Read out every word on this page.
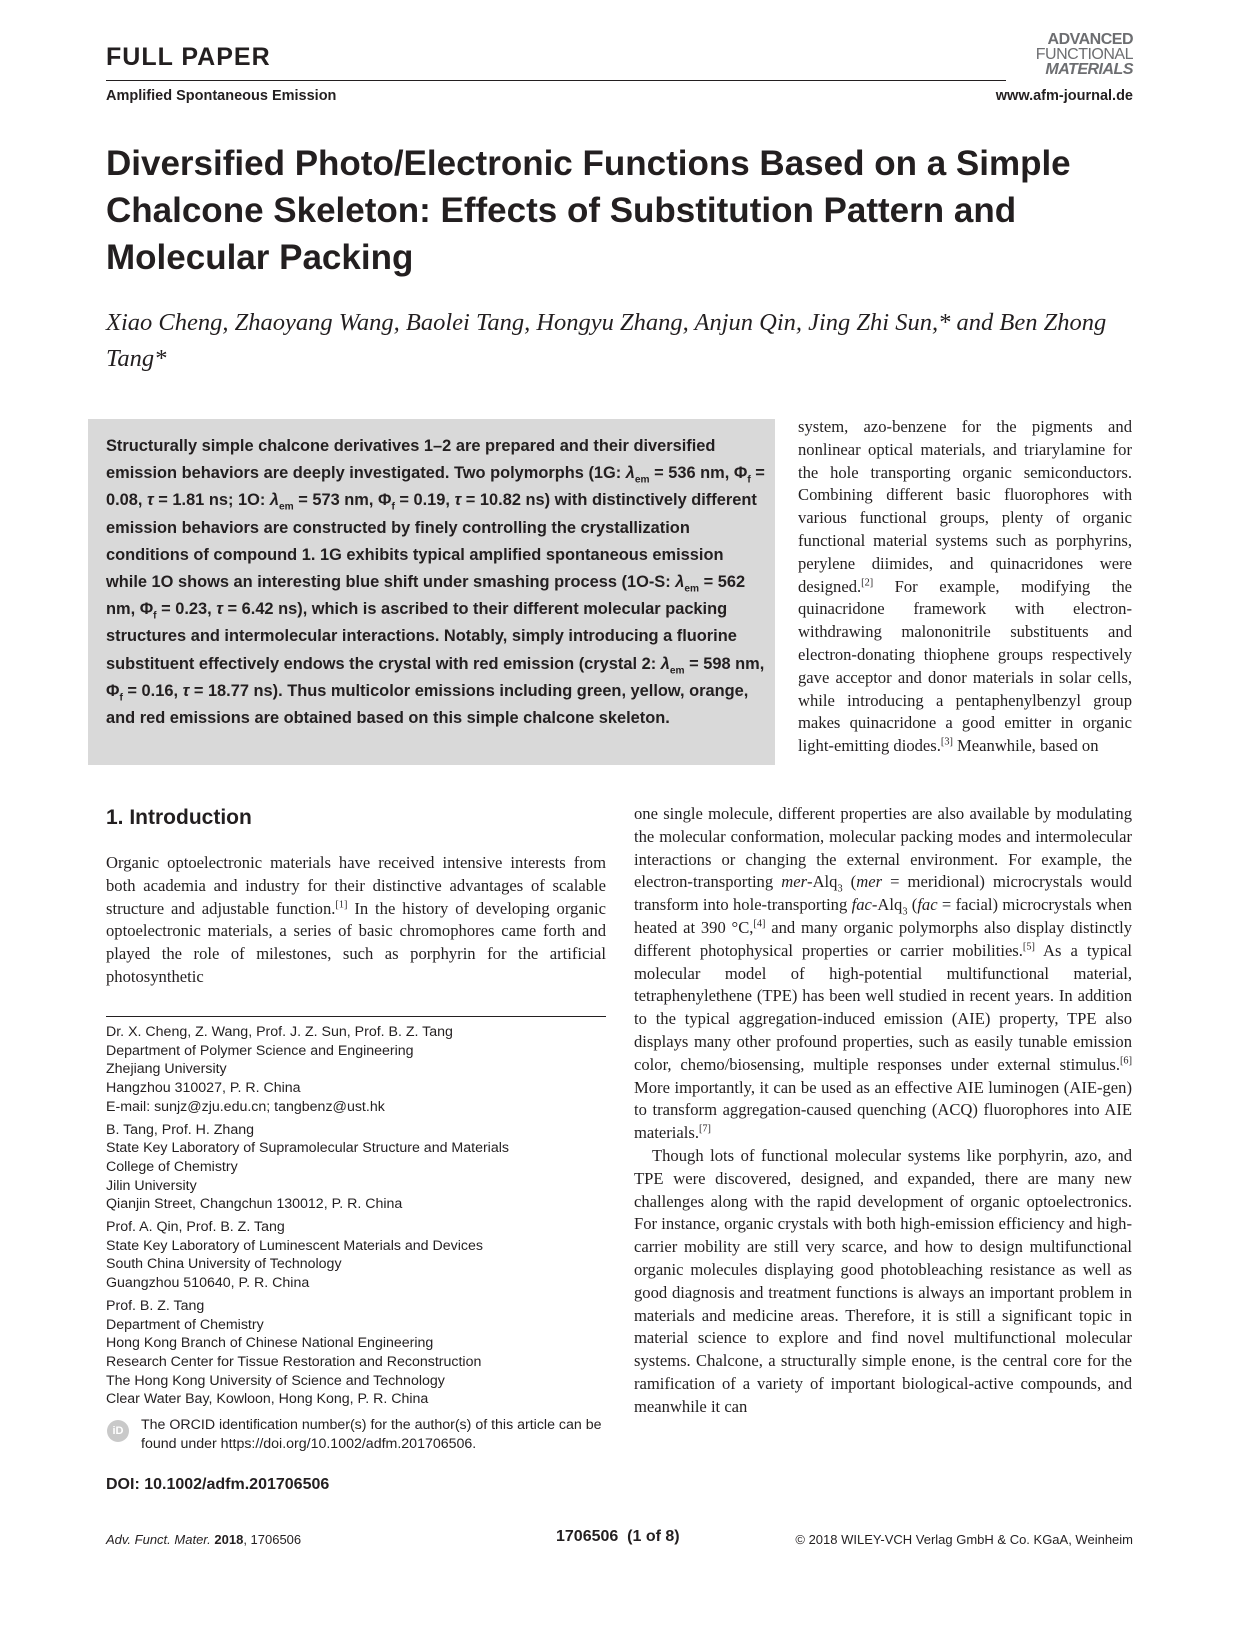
FULL PAPER
Amplified Spontaneous Emission	www.afm-journal.de
ADVANCED
FUNCTIONAL
MATERIALS
Diversified Photo/Electronic Functions Based on a Simple Chalcone Skeleton: Effects of Substitution Pattern and Molecular Packing
Xiao Cheng, Zhaoyang Wang, Baolei Tang, Hongyu Zhang, Anjun Qin, Jing Zhi Sun,* and Ben Zhong Tang*

Structurally simple chalcone derivatives 1–2 are prepared and their diversified emission behaviors are deeply investigated. Two polymorphs (1G: $\lambda_{em} = 536$ nm, $\Phi_f = 0.08$, τ = 1.81 ns; 1O: $\lambda_{em} = 573$ nm, $\Phi_f = 0.19$, τ = 10.82 ns) with distinctively different emission behaviors are constructed by finely controlling the crystallization conditions of compound 1. 1G exhibits typical amplified spontaneous emission while 1O shows an interesting blue shift under smashing process (1O-S: $\lambda_{em} = 562$ nm, $\Phi_f = 0.23$, τ = 6.42 ns), which is ascribed to their different molecular packing structures and intermolecular interactions. Notably, simply introducing a fluorine substituent effectively endows the crystal with red emission (crystal 2: $\lambda_{em} = 598$ nm, $\Phi_f = 0.16$, τ = 18.77 ns). Thus multicolor emissions including green, yellow, orange, and red emissions are obtained based on this simple chalcone skeleton.

system, azo-benzene for the pigments and nonlinear optical materials, and triarylamine for the hole transporting organic semiconductors. Combining different basic fluorophores with various functional groups, plenty of organic functional material systems such as porphyrins, perylene diimides, and quinacridones were designed.[2] For example, modifying the quinacridone framework with electron-withdrawing malononitrile substituents and electron-donating thiophene groups respectively gave acceptor and donor materials in solar cells, while introducing a pentaphenylbenzyl group makes quinacridone a good emitter in organic light-emitting diodes.[3] Meanwhile, based on

1. Introduction

Organic optoelectronic materials have received intensive interests from both academia and industry for their distinctive advantages of scalable structure and adjustable function.[1] In the history of developing organic optoelectronic materials, a series of basic chromophores came forth and played the role of milestones, such as porphyrin for the artificial photosynthetic

one single molecule, different properties are also available by modulating the molecular conformation, molecular packing modes and intermolecular interactions or changing the external environment. For example, the electron-transporting mer-Alq$_3$ (mer = meridional) microcrystals would transform into hole-transporting fac-Alq$_3$ (fac = facial) microcrystals when heated at 390 °C,[4] and many organic polymorphs also display distinctly different photophysical properties or carrier mobilities.[5] As a typical molecular model of high-potential multifunctional material, tetraphenylethene (TPE) has been well studied in recent years. In addition to the typical aggregation-induced emission (AIE) property, TPE also displays many other profound properties, such as easily tunable emission color, chemo/biosensing, multiple responses under external stimulus.[6] More importantly, it can be used as an effective AIE luminogen (AIE-gen) to transform aggregation-caused quenching (ACQ) fluorophores into AIE materials.[7]

Though lots of functional molecular systems like porphyrin, azo, and TPE were discovered, designed, and expanded, there are many new challenges along with the rapid development of organic optoelectronics. For instance, organic crystals with both high-emission efficiency and high-carrier mobility are still very scarce, and how to design multifunctional organic molecules displaying good photobleaching resistance as well as good diagnosis and treatment functions is always an important problem in materials and medicine areas. Therefore, it is still a significant topic in material science to explore and find novel multifunctional molecular systems. Chalcone, a structurally simple enone, is the central core for the ramification of a variety of important biological-active compounds, and meanwhile it can

Dr. X. Cheng, Z. Wang, Prof. J. Z. Sun, Prof. B. Z. Tang
Department of Polymer Science and Engineering
Zhejiang University
Hangzhou 310027, P. R. China
E-mail: sunjz@zju.edu.cn; tangbenz@ust.hk
B. Tang, Prof. H. Zhang
State Key Laboratory of Supramolecular Structure and Materials
College of Chemistry
Jilin University
Qianjin Street, Changchun 130012, P. R. China
Prof. A. Qin, Prof. B. Z. Tang
State Key Laboratory of Luminescent Materials and Devices
South China University of Technology
Guangzhou 510640, P. R. China
Prof. B. Z. Tang
Department of Chemistry
Hong Kong Branch of Chinese National Engineering
Research Center for Tissue Restoration and Reconstruction
The Hong Kong University of Science and Technology
Clear Water Bay, Kowloon, Hong Kong, P. R. China
iD	The ORCID identification number(s) for the author(s) of this article can be found under https://doi.org/10.1002/adfm.201706506.
DOI: 10.1002/adfm.201706506
Adv. Funct. Mater. 2018, 1706506	1706506  (1 of 8)	© 2018 WILEY-VCH Verlag GmbH & Co. KGaA, Weinheim
